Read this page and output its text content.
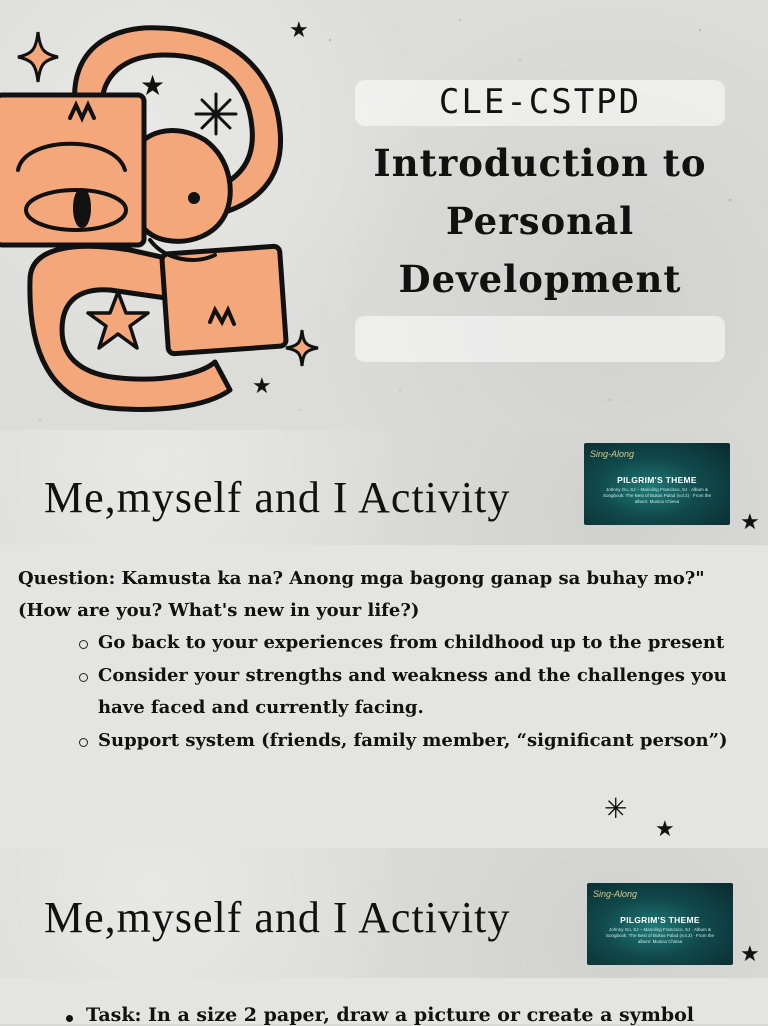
★
★
★
CLE-CSTPD
Introduction to Personal Development
★
Me,myself and I Activity
Sing-Along
PILGRIM'S THEME
Johnny Go, SJ – Manoling Francisco, SJ · Album & Songbook: The Best of Bukas Palad (vol.2) · From the album: Musica Chiesa
✳
★
Question: Kamusta ka na? Anong mga bagong ganap sa buhay mo?"
(How are you? What's new in your life?)
Go back to your experiences from childhood up to the present
Consider your strengths and weakness and the challenges you have faced and currently facing.
Support system (friends, family member, “significant person”)
Me,myself and I Activity
★
Sing-Along
PILGRIM'S THEME
Johnny Go, SJ – Manoling Francisco, SJ · Album & Songbook: The Best of Bukas Palad (vol.2) · From the album: Musica Chiesa
Task: In a size 2 paper, draw a picture or create a symbol
